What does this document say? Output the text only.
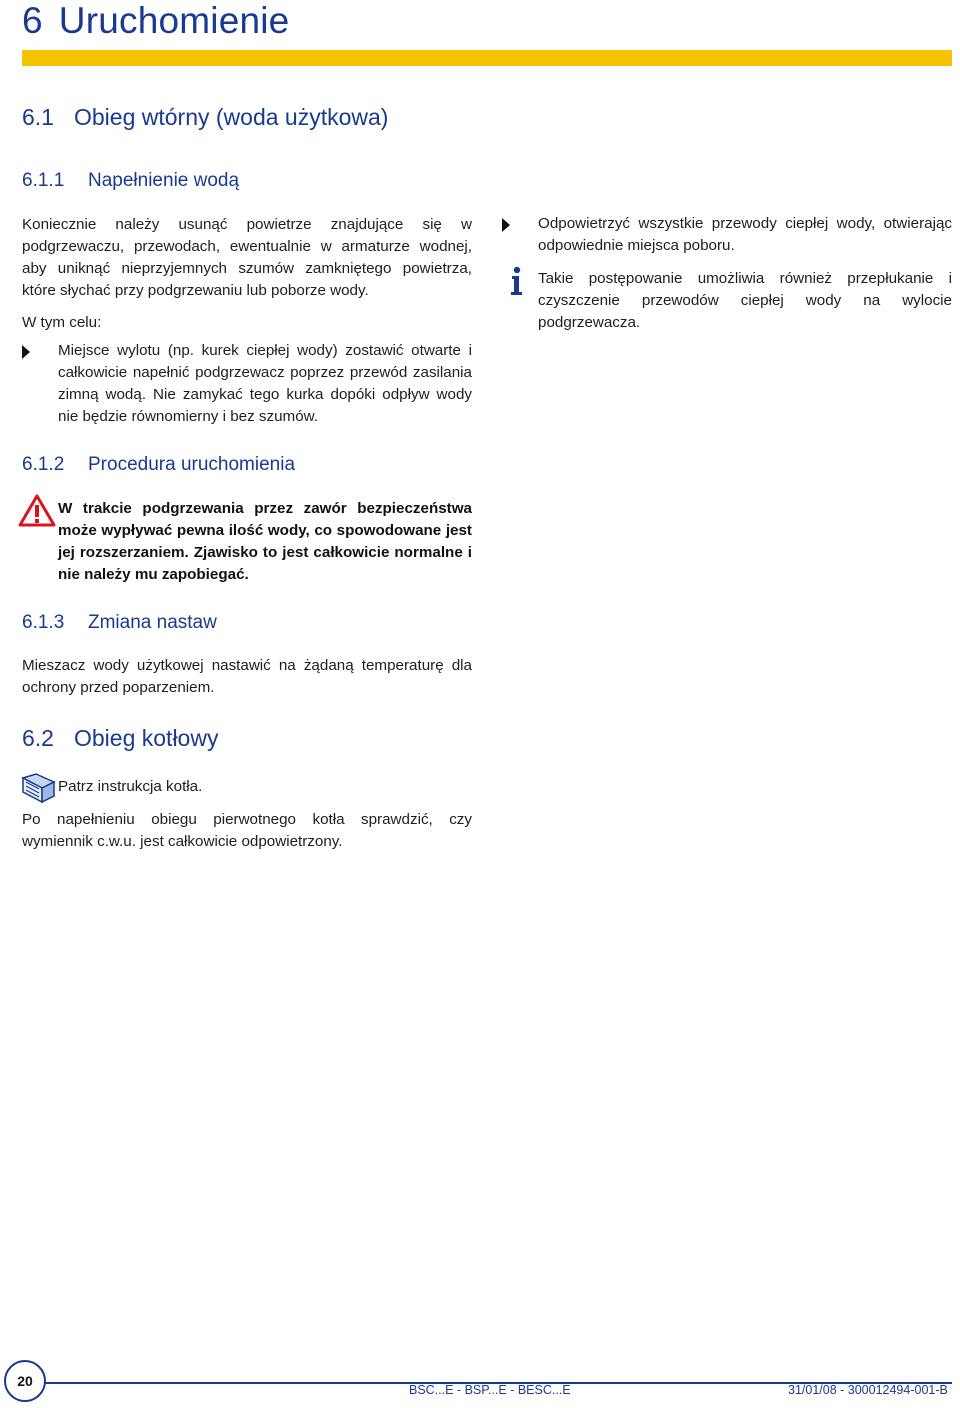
6 Uruchomienie
6.1 Obieg wtórny (woda użytkowa)
6.1.1 Napełnienie wodą

Koniecznie należy usunąć powietrze znajdujące się w podgrzewaczu, przewodach, ewentualnie w armaturze wodnej, aby uniknąć nieprzyjemnych szumów zamkniętego powietrza, które słychać przy podgrzewaniu lub poborze wody.

W tym celu:

Miejsce wylotu (np. kurek ciepłej wody) zostawić otwarte i całkowicie napełnić podgrzewacz poprzez przewód zasilania zimną wodą. Nie zamykać tego kurka dopóki odpływ wody nie będzie równomierny i bez szumów.

Odpowietrzyć wszystkie przewody ciepłej wody, otwierając odpowiednie miejsca poboru.

Takie postępowanie umożliwia również przepłukanie i czyszczenie przewodów ciepłej wody na wylocie podgrzewacza.

6.1.2 Procedura uruchomienia

W trakcie podgrzewania przez zawór bezpieczeństwa może wypływać pewna ilość wody, co spowodowane jest jej rozszerzaniem. Zjawisko to jest całkowicie normalne i nie należy mu zapobiegać.

6.1.3 Zmiana nastaw

Mieszacz wody użytkowej nastawić na żądaną temperaturę dla ochrony przed poparzeniem.

6.2 Obieg kotłowy

Patrz instrukcja kotła.

Po napełnieniu obiegu pierwotnego kotła sprawdzić, czy wymiennik c.w.u. jest całkowicie odpowietrzony.

20
BSC...E - BSP...E - BESC...E	31/01/08 - 300012494-001-B
